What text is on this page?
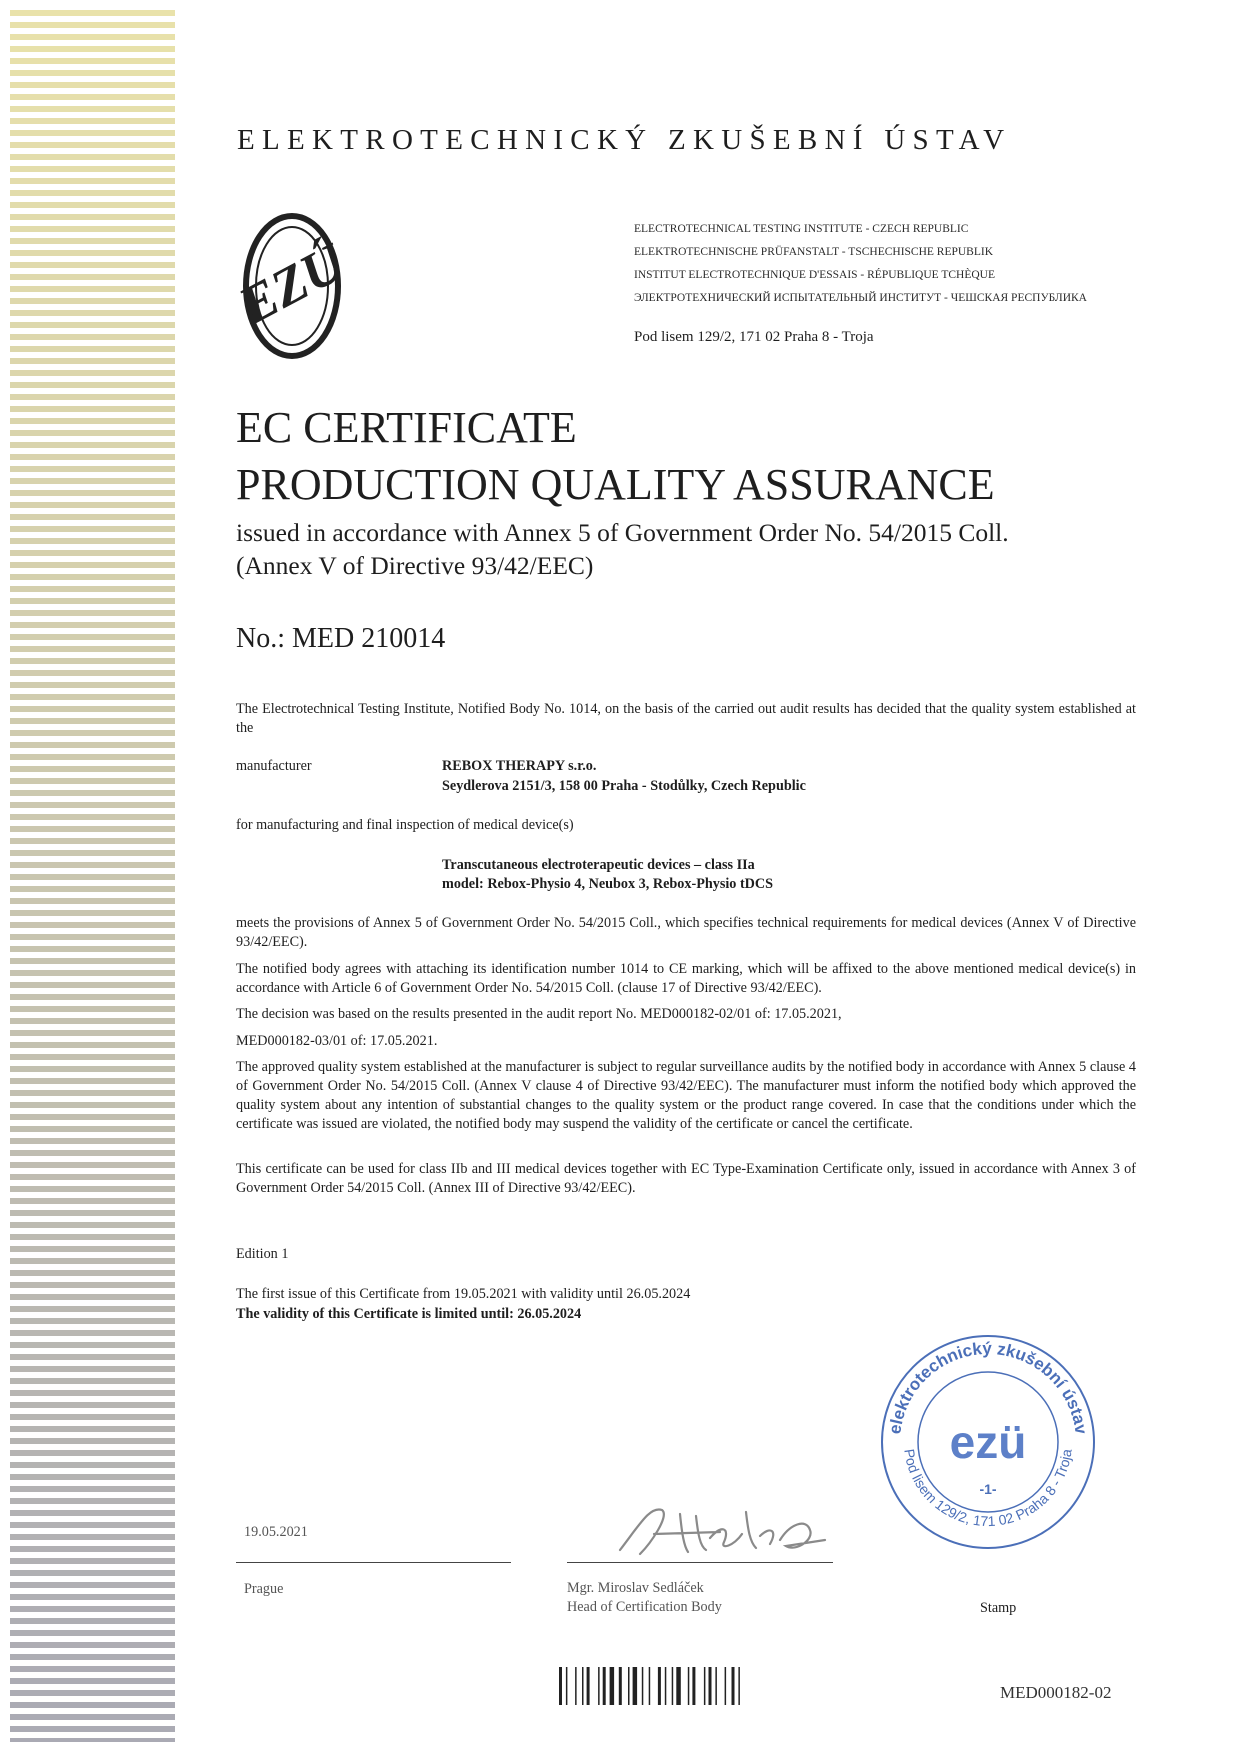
ELEKTROTECHNICKÝ ZKUŠEBNÍ ÚSTAV
EZÚ
ELECTROTECHNICAL TESTING INSTITUTE - CZECH REPUBLIC
ELEKTROTECHNISCHE PRÜFANSTALT - TSCHECHISCHE REPUBLIK
INSTITUT ELECTROTECHNIQUE D'ESSAIS - RÉPUBLIQUE TCHÈQUE
ЭЛЕКТРОТЕХНИЧЕСКИЙ ИСПЫТАТЕЛЬНЫЙ ИНСТИТУТ - ЧЕШСКАЯ РЕСПУБЛИКА
Pod lisem 129/2, 171 02 Praha 8 - Troja
EC CERTIFICATE
PRODUCTION QUALITY ASSURANCE
issued in accordance with Annex 5 of Government Order No. 54/2015 Coll.
(Annex V of Directive 93/42/EEC)
No.: MED 210014
The Electrotechnical Testing Institute, Notified Body No. 1014, on the basis of the carried out audit results has decided that the quality system established at the
manufacturer	REBOX THERAPY s.r.o.
Seydlerova 2151/3, 158 00 Praha - Stodůlky, Czech Republic
for manufacturing and final inspection of medical device(s)
Transcutaneous electroterapeutic devices – class IIa
model: Rebox-Physio 4, Neubox 3, Rebox-Physio tDCS
meets the provisions of Annex 5 of Government Order No. 54/2015 Coll., which specifies technical requirements for medical devices (Annex V of Directive 93/42/EEC).
The notified body agrees with attaching its identification number 1014 to CE marking, which will be affixed to the above mentioned medical device(s) in accordance with Article 6 of Government Order No. 54/2015 Coll. (clause 17 of Directive 93/42/EEC).
The decision was based on the results presented in the audit report No. MED000182-02/01 of: 17.05.2021,
MED000182-03/01 of: 17.05.2021.
The approved quality system established at the manufacturer is subject to regular surveillance audits by the notified body in accordance with Annex 5 clause 4 of Government Order No. 54/2015 Coll. (Annex V clause 4 of Directive 93/42/EEC). The manufacturer must inform the notified body which approved the quality system about any intention of substantial changes to the quality system or the product range covered. In case that the conditions under which the certificate was issued are violated, the notified body may suspend the validity of the certificate or cancel the certificate.
This certificate can be used for class IIb and III medical devices together with EC Type-Examination Certificate only, issued in accordance with Annex 3 of Government Order 54/2015 Coll. (Annex III of Directive 93/42/EEC).
Edition 1
The first issue of this Certificate from 19.05.2021 with validity until 26.05.2024
The validity of this Certificate is limited until: 26.05.2024
elektrotechnický zkušební ústav
Pod lisem 129/2, 171 02 Praha 8 - Troja
ezü
-1-
19.05.2021
Prague	Mgr. Miroslav Sedláček
Head of Certification Body	Stamp
MED000182-02
